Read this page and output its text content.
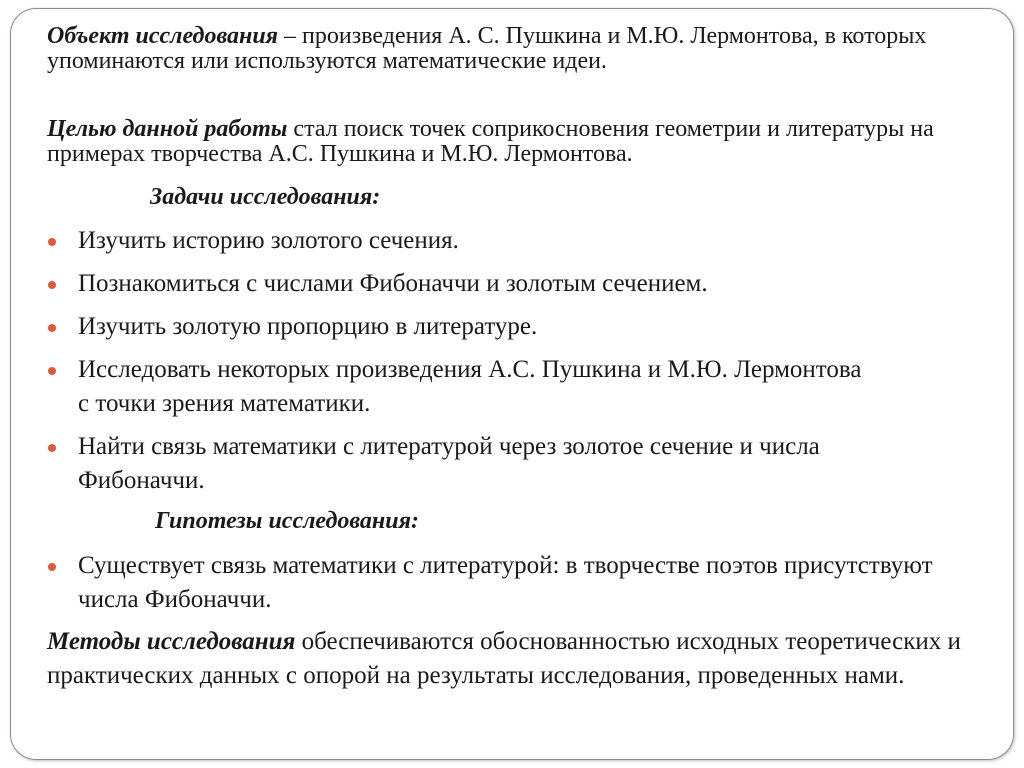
Объект исследования – произведения А. С. Пушкина и М.Ю. Лермонтова, в которых упоминаются или используются математические идеи.
Целью данной работы стал поиск точек соприкосновения геометрии и литературы на примерах творчества А.С. Пушкина и М.Ю. Лермонтова.
Задачи исследования:
Изучить историю золотого сечения.
Познакомиться с числами Фибоначчи и золотым сечением.
Изучить золотую пропорцию в литературе.
Исследовать некоторых произведения А.С. Пушкина и М.Ю. Лермонтова с точки зрения математики.
Найти связь математики с литературой через золотое сечение и числа Фибоначчи.
Гипотезы исследования:
Существует связь математики с литературой: в творчестве поэтов присутствуют числа Фибоначчи.
Методы исследования обеспечиваются обоснованностью исходных теоретических и практических данных с опорой на результаты исследования, проведенных нами.
